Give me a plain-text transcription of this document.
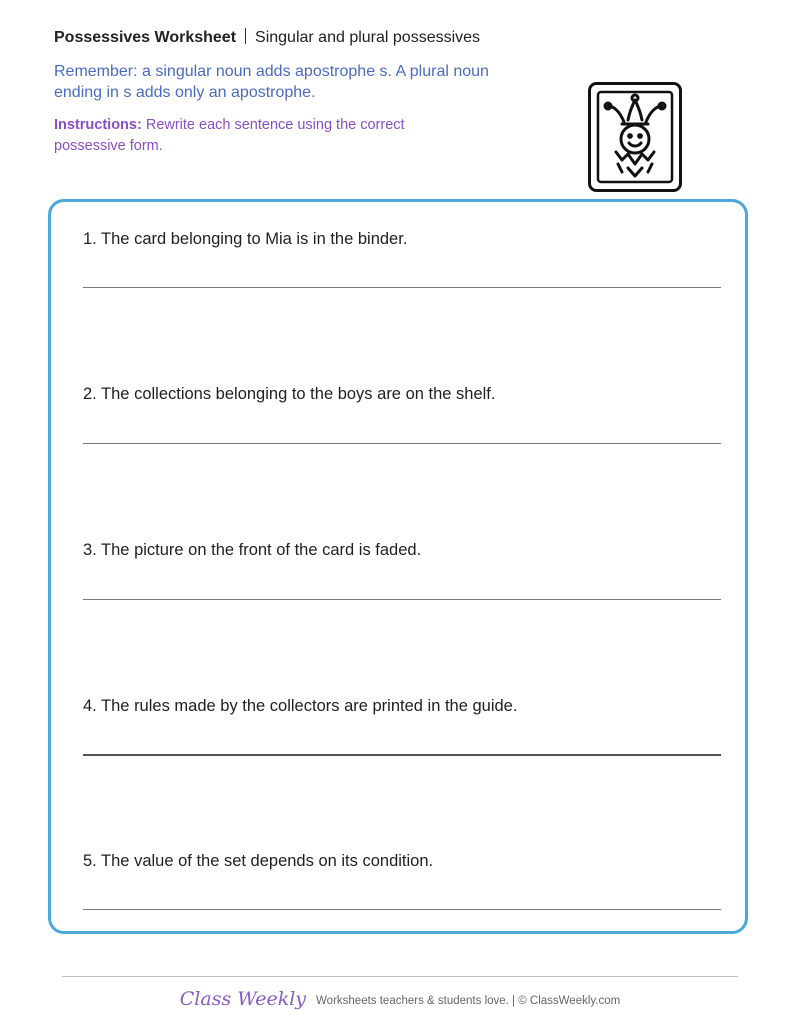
Possessives Worksheet Singular and plural possessives
Remember: a singular noun adds apostrophe s. A plural noun ending in s adds only an apostrophe.
Instructions: Rewrite each sentence using the correct possessive form.
1. The card belonging to Mia is in the binder.
2. The collections belonging to the boys are on the shelf.
3. The picture on the front of the card is faded.
4. The rules made by the collectors are printed in the guide.
5. The value of the set depends on its condition.
Class Weekly Worksheets teachers & students love. | © ClassWeekly.com
